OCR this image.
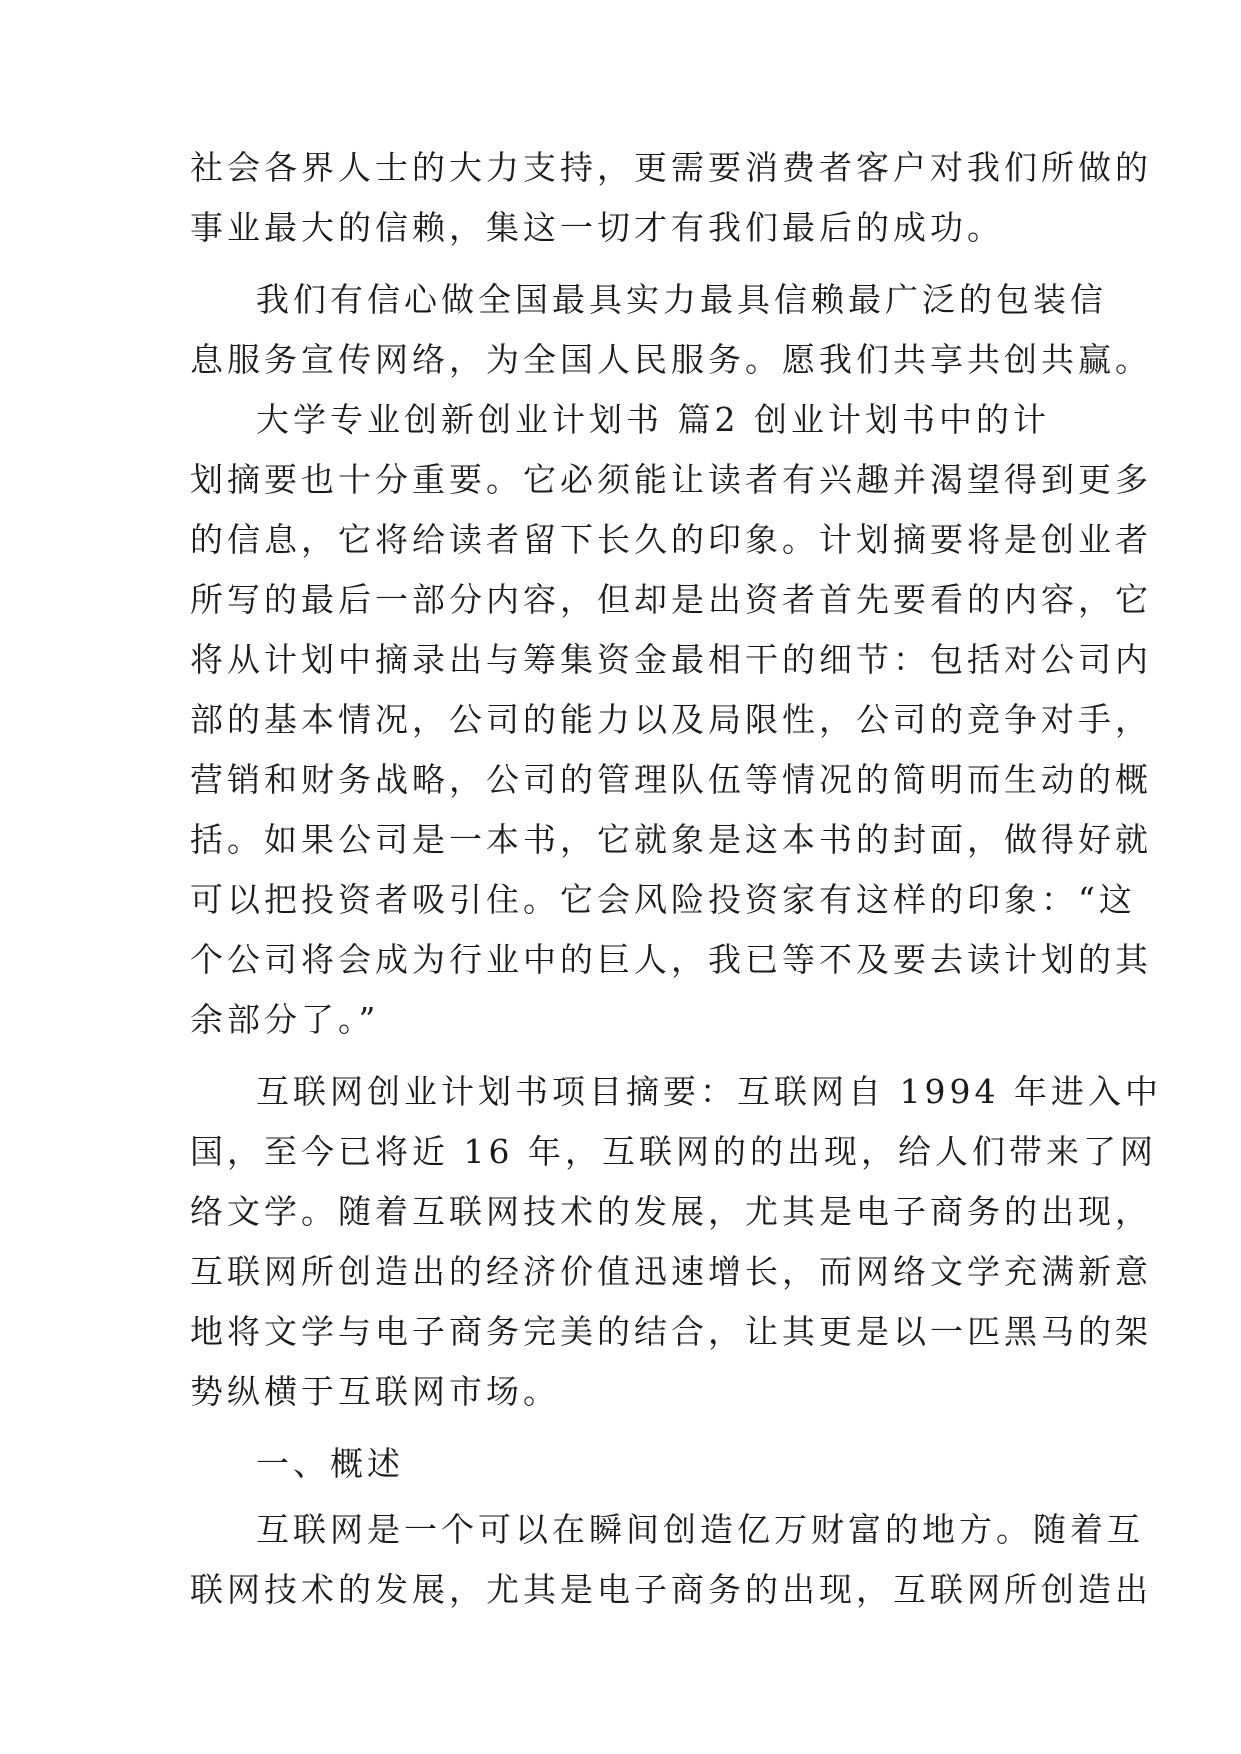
社会各界人士的大力支持，更需要消费者客户对我们所做的
事业最大的信赖，集这一切才有我们最后的成功。
我们有信心做全国最具实力最具信赖最广泛的包装信
息服务宣传网络，为全国人民服务。愿我们共享共创共赢。
大学专业创新创业计划书 篇2 创业计划书中的计
划摘要也十分重要。它必须能让读者有兴趣并渴望得到更多
的信息，它将给读者留下长久的印象。计划摘要将是创业者
所写的最后一部分内容，但却是出资者首先要看的内容，它
将从计划中摘录出与筹集资金最相干的细节：包括对公司内
部的基本情况，公司的能力以及局限性，公司的竞争对手，
营销和财务战略，公司的管理队伍等情况的简明而生动的概
括。如果公司是一本书，它就象是这本书的封面，做得好就
可以把投资者吸引住。它会风险投资家有这样的印象：“这
个公司将会成为行业中的巨人，我已等不及要去读计划的其
余部分了。”
互联网创业计划书项目摘要：互联网自 1994 年进入中
国，至今已将近 16 年，互联网的的出现，给人们带来了网
络文学。随着互联网技术的发展，尤其是电子商务的出现，
互联网所创造出的经济价值迅速增长，而网络文学充满新意
地将文学与电子商务完美的结合，让其更是以一匹黑马的架
势纵横于互联网市场。
一、概述
互联网是一个可以在瞬间创造亿万财富的地方。随着互
联网技术的发展，尤其是电子商务的出现，互联网所创造出
